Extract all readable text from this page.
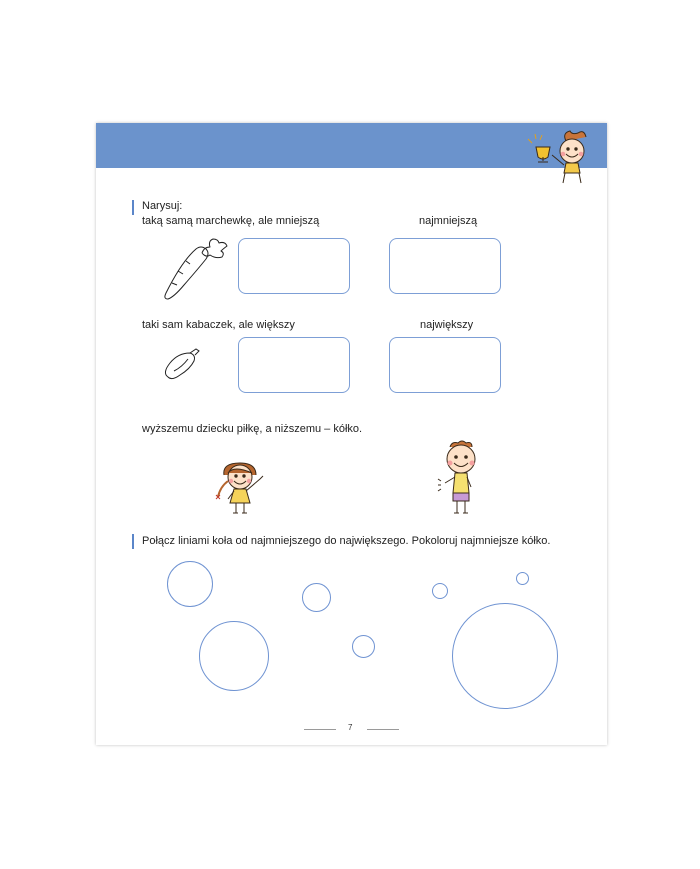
Narysuj:
taką samą marchewkę, ale mniejszą	najmniejszą
taki sam kabaczek, ale większy	największy
wyższemu dziecku piłkę, a niższemu – kółko.
Połącz liniami koła od najmniejszego do największego. Pokoloruj najmniejsze kółko.
7
